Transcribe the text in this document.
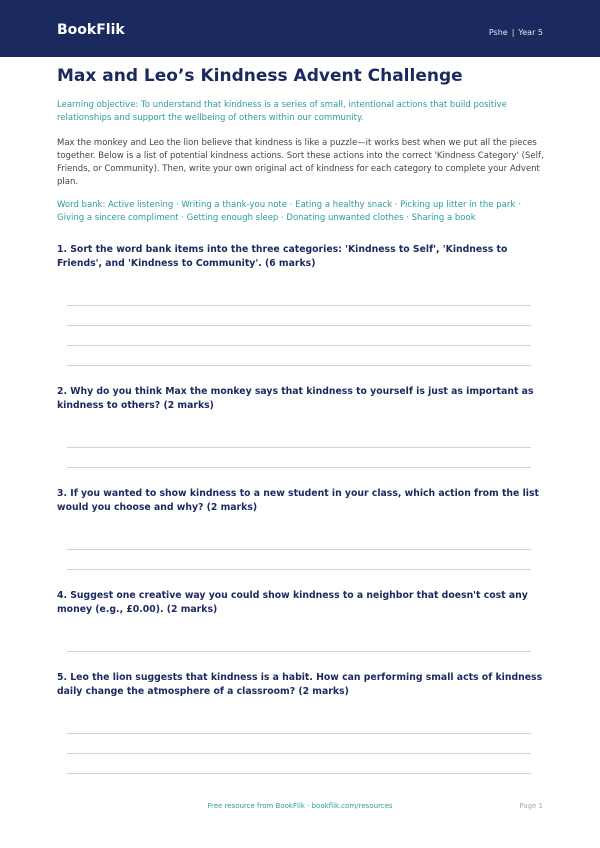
BookFlik	Pshe | Year 5
Max and Leo’s Kindness Advent Challenge

Learning objective: To understand that kindness is a series of small, intentional actions that build positive relationships and support the wellbeing of others within our community.

Max the monkey and Leo the lion believe that kindness is like a puzzle—it works best when we put all the pieces together. Below is a list of potential kindness actions. Sort these actions into the correct 'Kindness Category' (Self, Friends, or Community). Then, write your own original act of kindness for each category to complete your Advent plan.

Word bank: Active listening · Writing a thank-you note · Eating a healthy snack · Picking up litter in the park · Giving a sincere compliment · Getting enough sleep · Donating unwanted clothes · Sharing a book

1. Sort the word bank items into the three categories: 'Kindness to Self', 'Kindness to Friends', and 'Kindness to Community'. (6 marks)

2. Why do you think Max the monkey says that kindness to yourself is just as important as kindness to others? (2 marks)

3. If you wanted to show kindness to a new student in your class, which action from the list would you choose and why? (2 marks)

4. Suggest one creative way you could show kindness to a neighbor that doesn't cost any money (e.g., £0.00). (2 marks)

5. Leo the lion suggests that kindness is a habit. How can performing small acts of kindness daily change the atmosphere of a classroom? (2 marks)

Free resource from BookFlik · bookflik.com/resources	Page 1
